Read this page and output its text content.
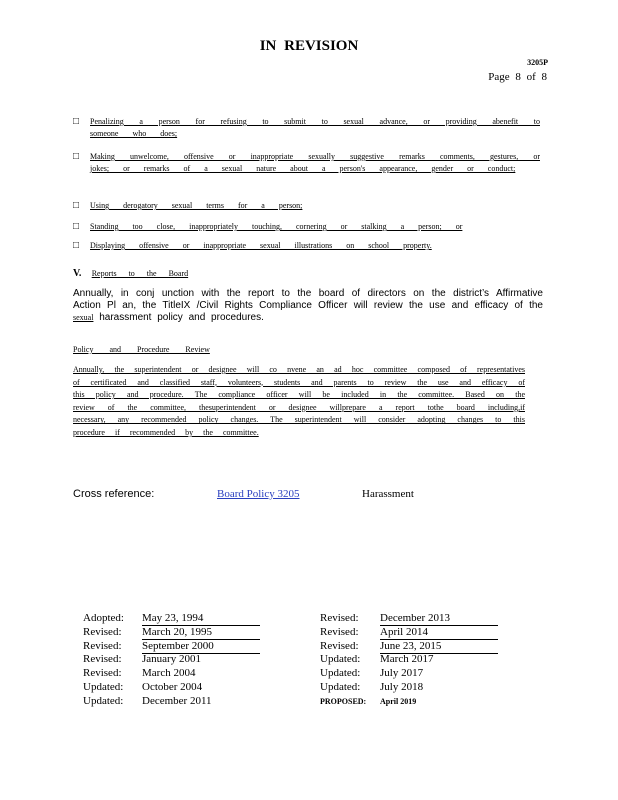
IN REVISION
3205P
Page 8 of 8
□ Penalizing a person for refusing to submit to sexual advance, or providing abenefit to someone who does;
□ Making unwelcome, offensive or inappropriate sexually suggestive remarks comments, gestures, or jokes; or remarks of a sexual nature about a person's appearance, gender or conduct;
□ Using derogatory sexual terms for a person;
□ Standing too close, inappropriately touching, cornering or stalking a person; or
□ Displaying offensive or inappropriate sexual illustrations on school property.
V. Reports to the Board
Annually, in conj unction with the report to the board of directors on the district’s Affirmative Action Pl an, the TitleIX /Civil Rights Compliance Officer will review the use and efficacy of the sexual harassment policy and procedures.
Policy and Procedure Review
Annually, the superintendent or designee will co nvene an ad hoc committee composed of representatives of certificated and classified staff, volunteers, students and parents to review the use and efficacy of this policy and procedure. The compliance officer will be included in the committee. Based on the review of the committee, thesuperintendent or designee willprepare a report tothe board including,if necessary, any recommended policy changes. The superintendent will consider adopting changes to this procedure if recommended by the committee.
Cross reference:	Board Policy 3205	Harassment
Adopted: May 23, 1994
Revised: March 20, 1995
Revised: September 2000
Revised: January 2001
Revised: March 2004
Updated: October 2004
Updated: December 2011
Revised: December 2013
Revised: April 2014
Revised: June 23, 2015
Updated: March 2017
Updated: July 2017
Updated: July 2018
PROPOSED: April 2019
